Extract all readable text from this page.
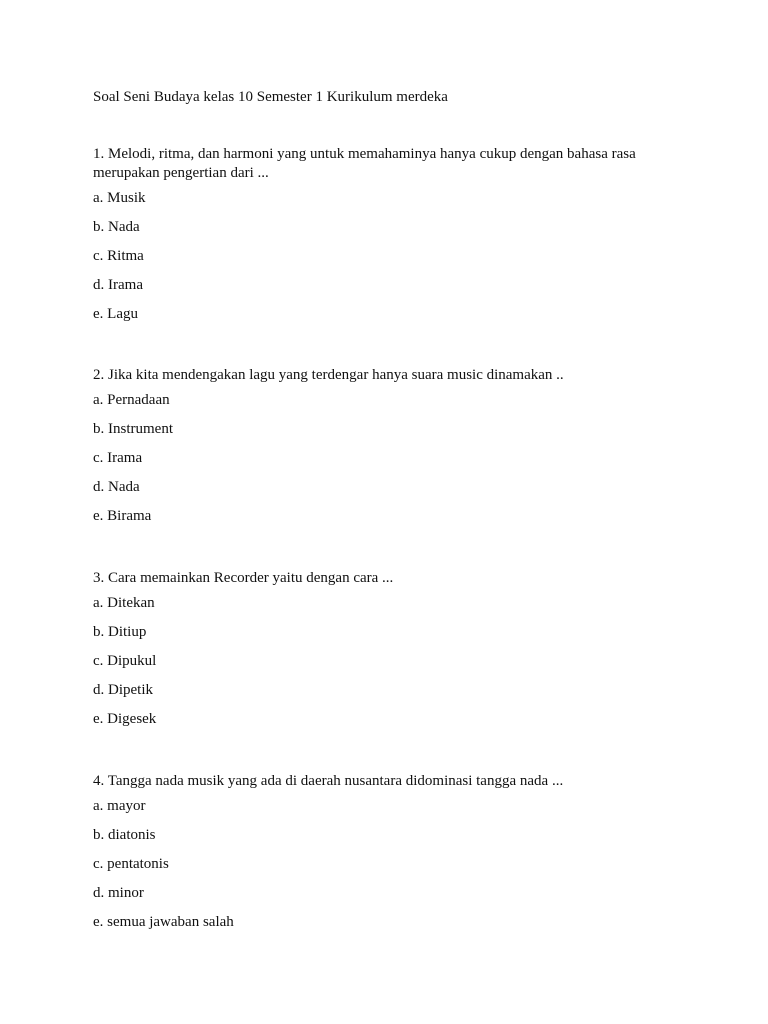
Soal Seni Budaya kelas 10 Semester 1 Kurikulum merdeka

1. Melodi, ritma, dan harmoni yang untuk memahaminya hanya cukup dengan bahasa rasa merupakan pengertian dari ...

a. Musik
b. Nada
c. Ritma
d. Irama
e. Lagu

2. Jika kita mendengakan lagu yang terdengar hanya suara music dinamakan ..

a. Pernadaan
b. Instrument
c. Irama
d. Nada
e. Birama

3. Cara memainkan Recorder yaitu dengan cara ...

a. Ditekan
b. Ditiup
c. Dipukul
d. Dipetik
e. Digesek

4. Tangga nada musik yang ada di daerah nusantara didominasi tangga nada ...

a. mayor
b. diatonis
c. pentatonis
d. minor
e. semua jawaban salah
